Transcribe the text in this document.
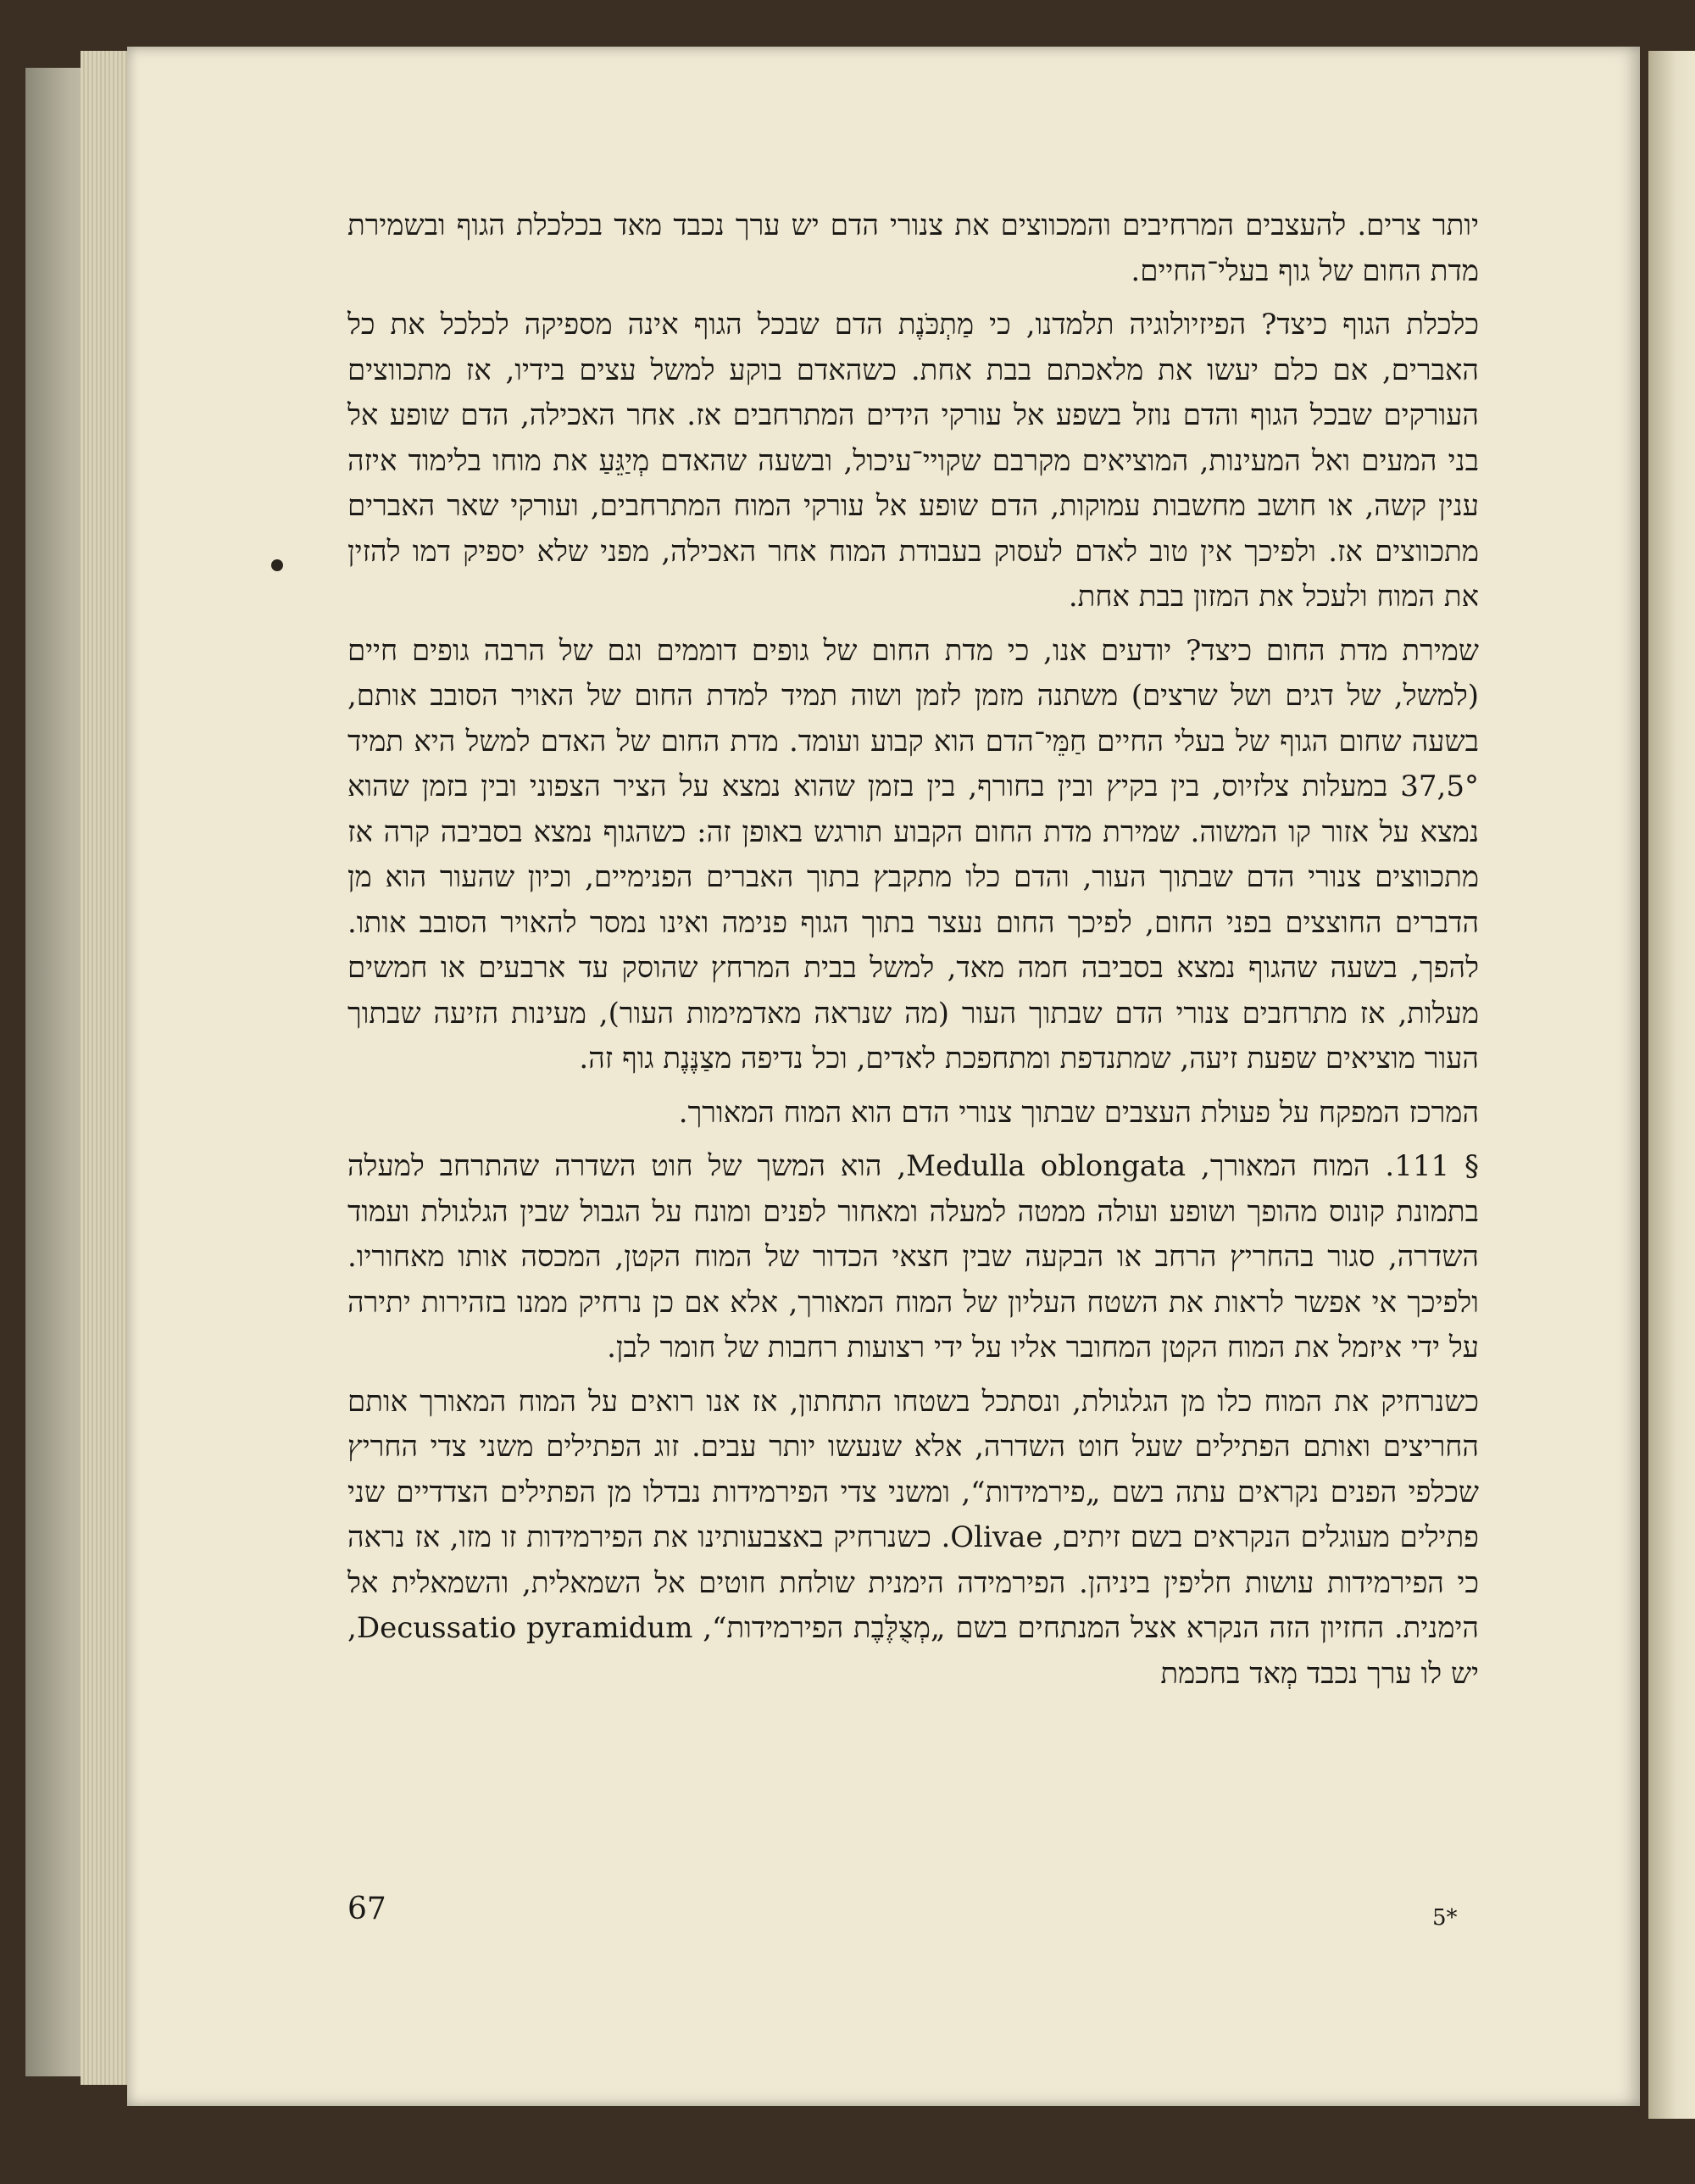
יותר צרים. להעצבים המרחיבים והמכווצים את צנורי הדם יש ערך נכבד מאד בכלכלת הגוף ובשמירת מדת החום של גוף בעלי־החיים.

כלכלת הגוף כיצד? הפיזיולוגיה תלמדנו, כי מַתְכֹּנֶת הדם שבכל הגוף אינה מספיקה לכלכל את כל האברים, אם כלם יעשו את מלאכתם בבת אחת. כשהאדם בוקע למשל עצים בידיו, אז מתכווצים העורקים שבכל הגוף והדם נוזל בשפע אל עורקי הידים המתרחבים אז. אחר האכילה, הדם שופע אל בני המעים ואל המעינות, המוציאים מקרבם שקויי־עיכול, ובשעה שהאדם מְיַגֵּעַ את מוחו בלימוד איזה ענין קשה, או חושב מחשבות עמוקות, הדם שופע אל עורקי המוח המתרחבים, ועורקי שאר האברים מתכווצים אז. ולפיכך אין טוב לאדם לעסוק בעבודת המוח אחר האכילה, מפני שלא יספיק דמו להזין את המוח ולעכל את המזון בבת אחת.

שמירת מדת החום כיצד? יודעים אנו, כי מדת החום של גופים דוממים וגם של הרבה גופים חיים (למשל, של דגים ושל שרצים) משתנה מזמן לזמן ושוה תמיד למדת החום של האויר הסובב אותם, בשעה שחום הגוף של בעלי החיים חַמֵּי־הדם הוא קבוע ועומד. מדת החום של האדם למשל היא תמיד 37,5° במעלות צלזיוס, בין בקיץ ובין בחורף, בין בזמן שהוא נמצא על הציר הצפוני ובין בזמן שהוא נמצא על אזור קו המשוה. שמירת מדת החום הקבוע תורגש באופן זה: כשהגוף נמצא בסביבה קרה אז מתכווצים צנורי הדם שבתוך העור, והדם כלו מתקבץ בתוך האברים הפנימיים, וכיון שהעור הוא מן הדברים החוצצים בפני החום, לפיכך החום נעצר בתוך הגוף פנימה ואינו נמסר להאויר הסובב אותו. להפך, בשעה שהגוף נמצא בסביבה חמה מאד, למשל בבית המרחץ שהוסק עד ארבעים או חמשים מעלות, אז מתרחבים צנורי הדם שבתוך העור (מה שנראה מאדמימות העור), מעינות הזיעה שבתוך העור מוציאים שפעת זיעה, שמתנדפת ומתחפכת לאדים, וכל נדיפה מצַנֶּנֶת גוף זה.

המרכז המפקח על פעולת העצבים שבתוך צנורי הדם הוא המוח המאורך.

§ 111. המוח המאורך, Medulla oblongata, הוא המשך של חוט השדרה שהתרחב למעלה בתמונת קונוס מהופך ושופע ועולה ממטה למעלה ומאחור לפנים ומונח על הגבול שבין הגלגולת ועמוד השדרה, סגור בהחריץ הרחב או הבקעה שבין חצאי הכדור של המוח הקטן, המכסה אותו מאחוריו. ולפיכך אי אפשר לראות את השטח העליון של המוח המאורך, אלא אם כן נרחיק ממנו בזהירות יתירה על ידי איזמל את המוח הקטן המחובר אליו על ידי רצועות רחבות של חומר לבן.

כשנרחיק את המוח כלו מן הגלגולת, ונסתכל בשטחו התחתון, אז אנו רואים על המוח המאורך אותם החריצים ואותם הפתילים שעל חוט השדרה, אלא שנעשו יותר עבים. זוג הפתילים משני צדי החריץ שכלפי הפנים נקראים עתה בשם „פירמידות“, ומשני צדי הפירמידות נבדלו מן הפתילים הצדדיים שני פתילים מעוגלים הנקראים בשם זיתים, Olivae. כשנרחיק באצבעותינו את הפירמידות זו מזו, אז נראה כי הפירמידות עושות חליפין ביניהן. הפירמידה הימנית שולחת חוטים אל השמאלית, והשמאלית אל הימנית. החזיון הזה הנקרא אצל המנתחים בשם „מְצֻלֶּבֶת הפירמידות“, Decussatio pyramidum, יש לו ערך נכבד מְאד בחכמת

67	5*
